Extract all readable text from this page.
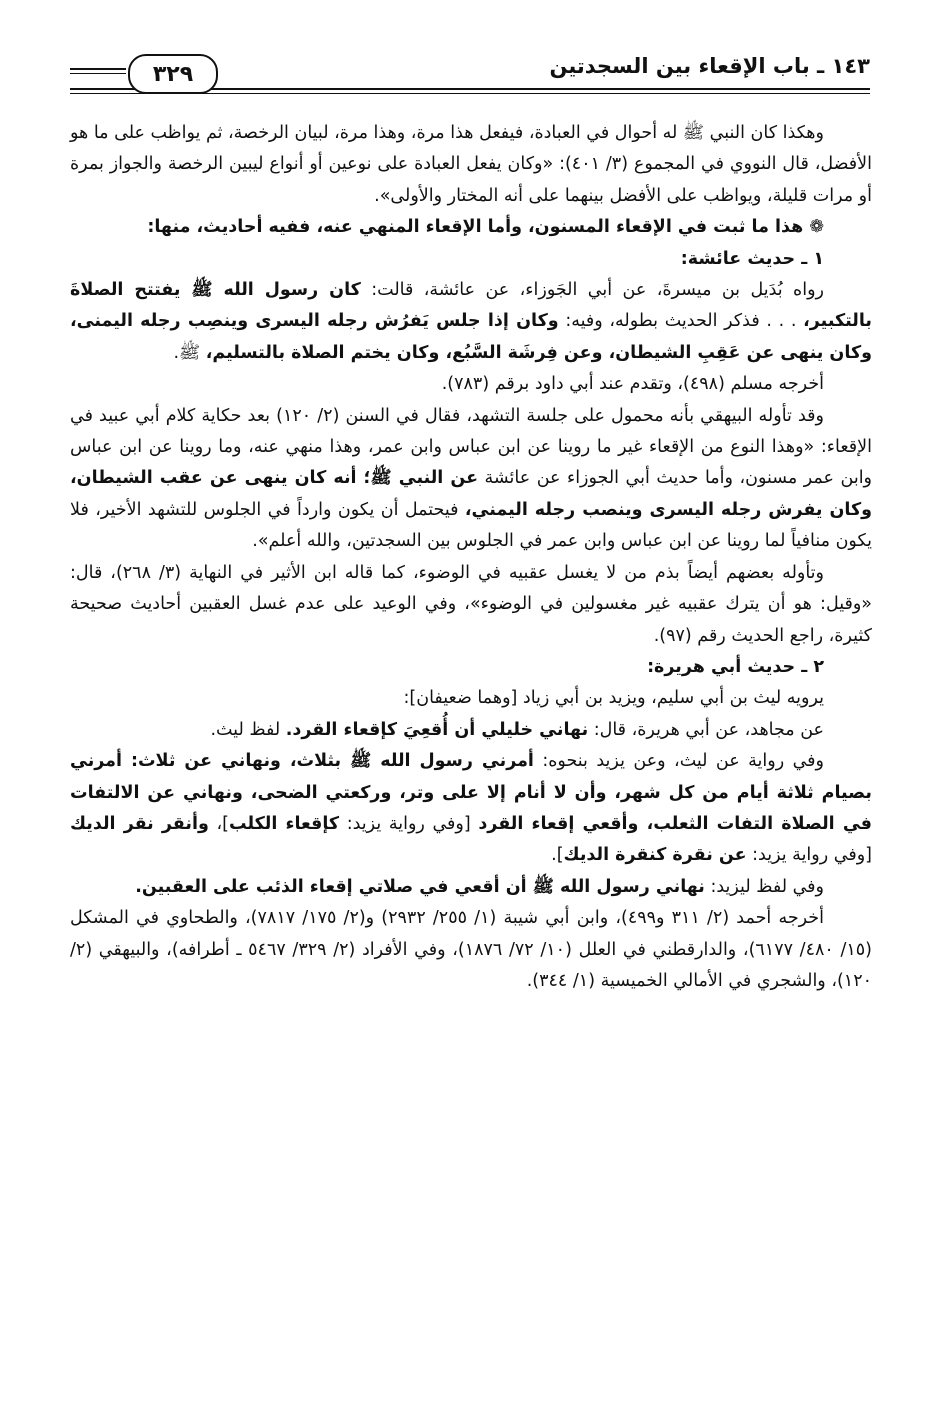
١٤٣ ـ باب الإقعاء بين السجدتين
٣٢٩

وهكذا كان النبي ﷺ له أحوال في العبادة، فيفعل هذا مرة، وهذا مرة، لبيان الرخصة، ثم يواظب على ما هو الأفضل، قال النووي في المجموع (٣/ ٤٠١): «وكان يفعل العبادة على نوعين أو أنواع ليبين الرخصة والجواز بمرة أو مرات قليلة، ويواظب على الأفضل بينهما على أنه المختار والأولى».

❁ هذا ما ثبت في الإقعاء المسنون، وأما الإقعاء المنهي عنه، ففيه أحاديث، منها:

١ ـ حديث عائشة:

رواه بُدَيل بن ميسرةَ، عن أبي الجَوزاء، عن عائشة، قالت: كان رسول الله ﷺ يفتتح الصلاةَ بالتكبير، . . . فذكر الحديث بطوله، وفيه: وكان إذا جلس يَفرُش رجله اليسرى وينصِب رجله اليمنى، وكان ينهى عن عَقِبِ الشيطان، وعن فِرشَة السَّبُع، وكان يختم الصلاة بالتسليم، ﷺ.

أخرجه مسلم (٤٩٨)، وتقدم عند أبي داود برقم (٧٨٣).

وقد تأوله البيهقي بأنه محمول على جلسة التشهد، فقال في السنن (٢/ ١٢٠) بعد حكاية كلام أبي عبيد في الإقعاء: «وهذا النوع من الإقعاء غير ما روينا عن ابن عباس وابن عمر، وهذا منهي عنه، وما روينا عن ابن عباس وابن عمر مسنون، وأما حديث أبي الجوزاء عن عائشة عن النبي ﷺ؛ أنه كان ينهى عن عقب الشيطان، وكان يفرش رجله اليسرى وينصب رجله اليمني، فيحتمل أن يكون وارداً في الجلوس للتشهد الأخير، فلا يكون منافياً لما روينا عن ابن عباس وابن عمر في الجلوس بين السجدتين، والله أعلم».

وتأوله بعضهم أيضاً بذم من لا يغسل عقبيه في الوضوء، كما قاله ابن الأثير في النهاية (٣/ ٢٦٨)، قال: «وقيل: هو أن يترك عقبيه غير مغسولين في الوضوء»، وفي الوعيد على عدم غسل العقبين أحاديث صحيحة كثيرة، راجع الحديث رقم (٩٧).

٢ ـ حديث أبي هريرة:

يرويه ليث بن أبي سليم، ويزيد بن أبي زياد [وهما ضعيفان]:

عن مجاهد، عن أبي هريرة، قال: نهاني خليلي أن أُقعِيَ كإقعاء القرد. لفظ ليث.

وفي رواية عن ليث، وعن يزيد بنحوه: أمرني رسول الله ﷺ بثلاث، ونهاني عن ثلاث: أمرني بصيام ثلاثة أيام من كل شهر، وأن لا أنام إلا على وتر، وركعتي الضحى، ونهاني عن الالتفات في الصلاة التفات الثعلب، وأقعي إقعاء القرد [وفي رواية يزيد: كإقعاء الكلب]، وأنقر نقر الديك [وفي رواية يزيد: عن نقرة كنقرة الديك].

وفي لفظ ليزيد: نهاني رسول الله ﷺ أن أقعي في صلاتي إقعاء الذئب على العقبين.

أخرجه أحمد (٢/ ٣١١ و٤٩٩)، وابن أبي شيبة (١/ ٢٥٥/ ٢٩٣٢) و(٢/ ١٧٥/ ٧٨١٧)، والطحاوي في المشكل (١٥/ ٤٨٠/ ٦١٧٧)، والدارقطني في العلل (١٠/ ٧٢/ ١٨٧٦)، وفي الأفراد (٢/ ٣٢٩/ ٥٤٦٧ ـ أطرافه)، والبيهقي (٢/ ١٢٠)، والشجري في الأمالي الخميسية (١/ ٣٤٤).
